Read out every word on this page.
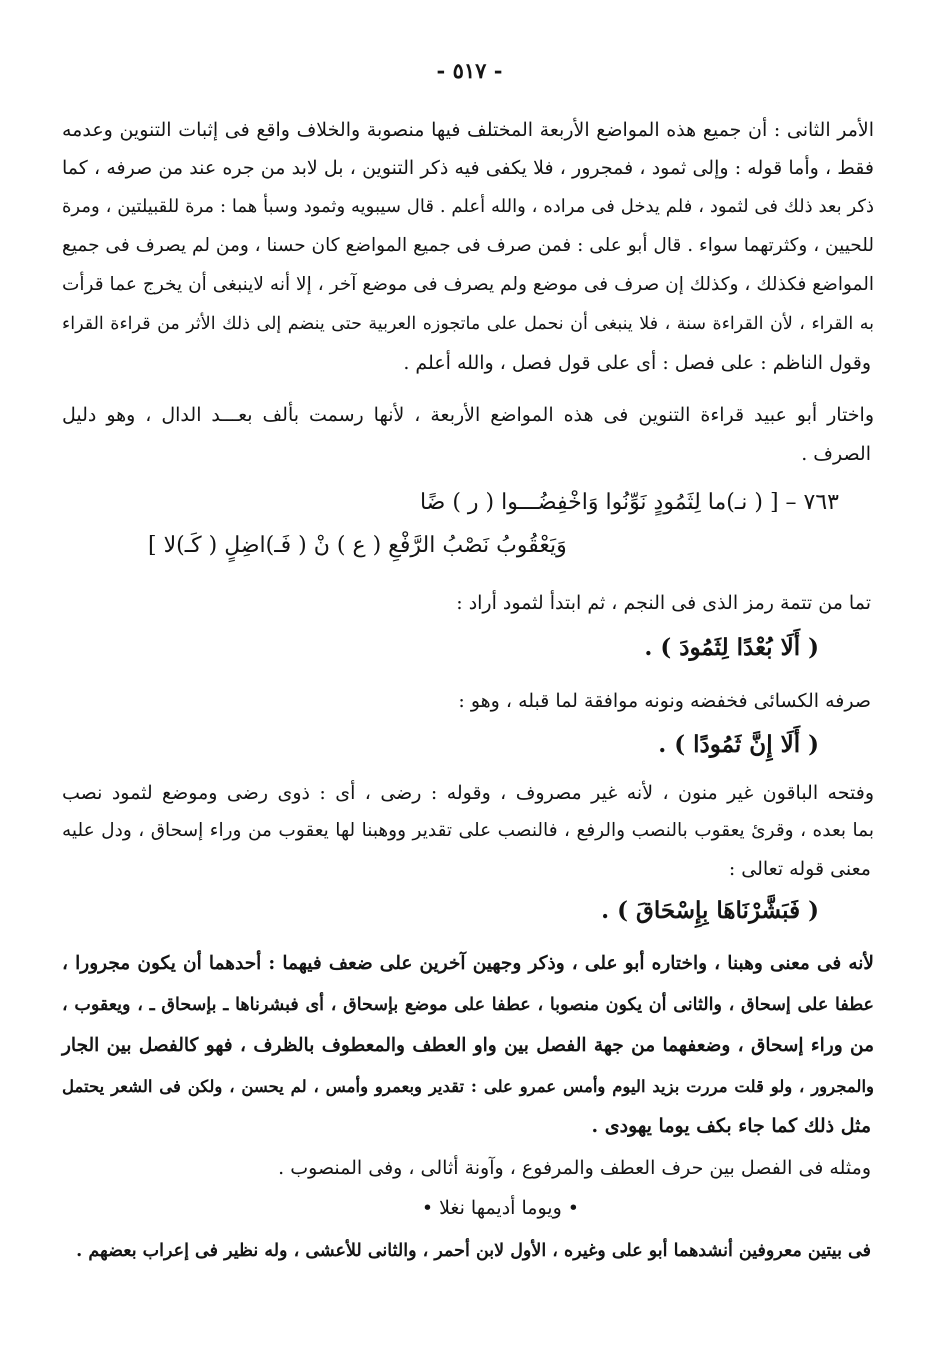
- ٥١٧ -
الأمر الثانى : أن جميع هذه المواضع الأربعة المختلف فيها منصوبة والخلاف واقع فى إثبات التنوين وعدمه
فقط ، وأما قوله : وإلى ثمود ، فمجرور ، فلا يكفى فيه ذكر التنوين ، بل لابد من جره عند من صرفه ، كما
ذكر بعد ذلك فى لثمود ، فلم يدخل فى مراده ، والله أعلم . قال سيبويه وثمود وسبأ هما : مرة للقبيلتين ، ومرة
للحيين ، وكثرتهما سواء . قال أبو على : فمن صرف فى جميع المواضع كان حسنا ، ومن لم يصرف فى جميع
المواضع فكذلك ، وكذلك إن صرف فى موضع ولم يصرف فى موضع آخر ، إلا أنه لاينبغى أن يخرج عما قرأت
به القراء ، لأن القراءة سنة ، فلا ينبغى أن نحمل على ماتجوزه العربية حتى ينضم إلى ذلك الأثر من قراءة القراء
وقول الناظم : على فصل : أى على قول فصل ، والله أعلم .
واختار أبو عبيد قراءة التنوين فى هذه المواضع الأربعة ، لأنها رسمت بألف بعـــد الدال ، وهو دليل
الصرف .
٧٦٣ – [ ( نـ)ما لِثَمُودٍ نَوِّنُوا وَاخْفِضُـــوا ( ر ) ضًا
وَيَعْقُوبُ نَصْبُ الرَّفْعِ ( ع ) نْ ( فَـ)اضِلٍ ( كَـ)لا ]
تما من تتمة رمز الذى فى النجم ، ثم ابتدأ لثمود أراد :
( أَلَا بُعْدًا لِثَمُودَ ) .
صرفه الكسائى فخفضه ونونه موافقة لما قبله ، وهو :
( أَلَا إِنَّ ثَمُودًا ) .
وفتحه الباقون غير منون ، لأنه غير مصروف ، وقوله : رضى ، أى : ذوى رضى وموضع لثمود نصب
بما بعده ، وقرئ يعقوب بالنصب والرفع ، فالنصب على تقدير ووهبنا لها يعقوب من وراء إسحاق ، ودل عليه
معنى قوله تعالى :
( فَبَشَّرْنَاهَا بِإِسْحَاقَ ) .
لأنه فى معنى وهبنا ، واختاره أبو على ، وذكر وجهين آخرين على ضعف فيهما : أحدهما أن يكون مجرورا ،
عطفا على إسحاق ، والثانى أن يكون منصوبا ، عطفا على موضع بإسحاق ، أى فبشرناها ـ بإسحاق ـ ، ويعقوب ،
من وراء إسحاق ، وضعفهما من جهة الفصل بين واو العطف والمعطوف بالظرف ، فهو كالفصل بين الجار
والمجرور ، ولو قلت مررت بزيد اليوم وأمس عمرو على : تقدير وبعمرو وأمس ، لم يحسن ، ولكن فى الشعر يحتمل
مثل ذلك كما جاء بكف يوما يهودى .
ومثله فى الفصل بين حرف العطف والمرفوع ، وآونة أثالى ، وفى المنصوب .
• ويوما أديمها نغلا •
فى بيتين معروفين أنشدهما أبو على وغيره ، الأول لابن أحمر ، والثانى للأعشى ، وله نظير فى إعراب بعضهم .
